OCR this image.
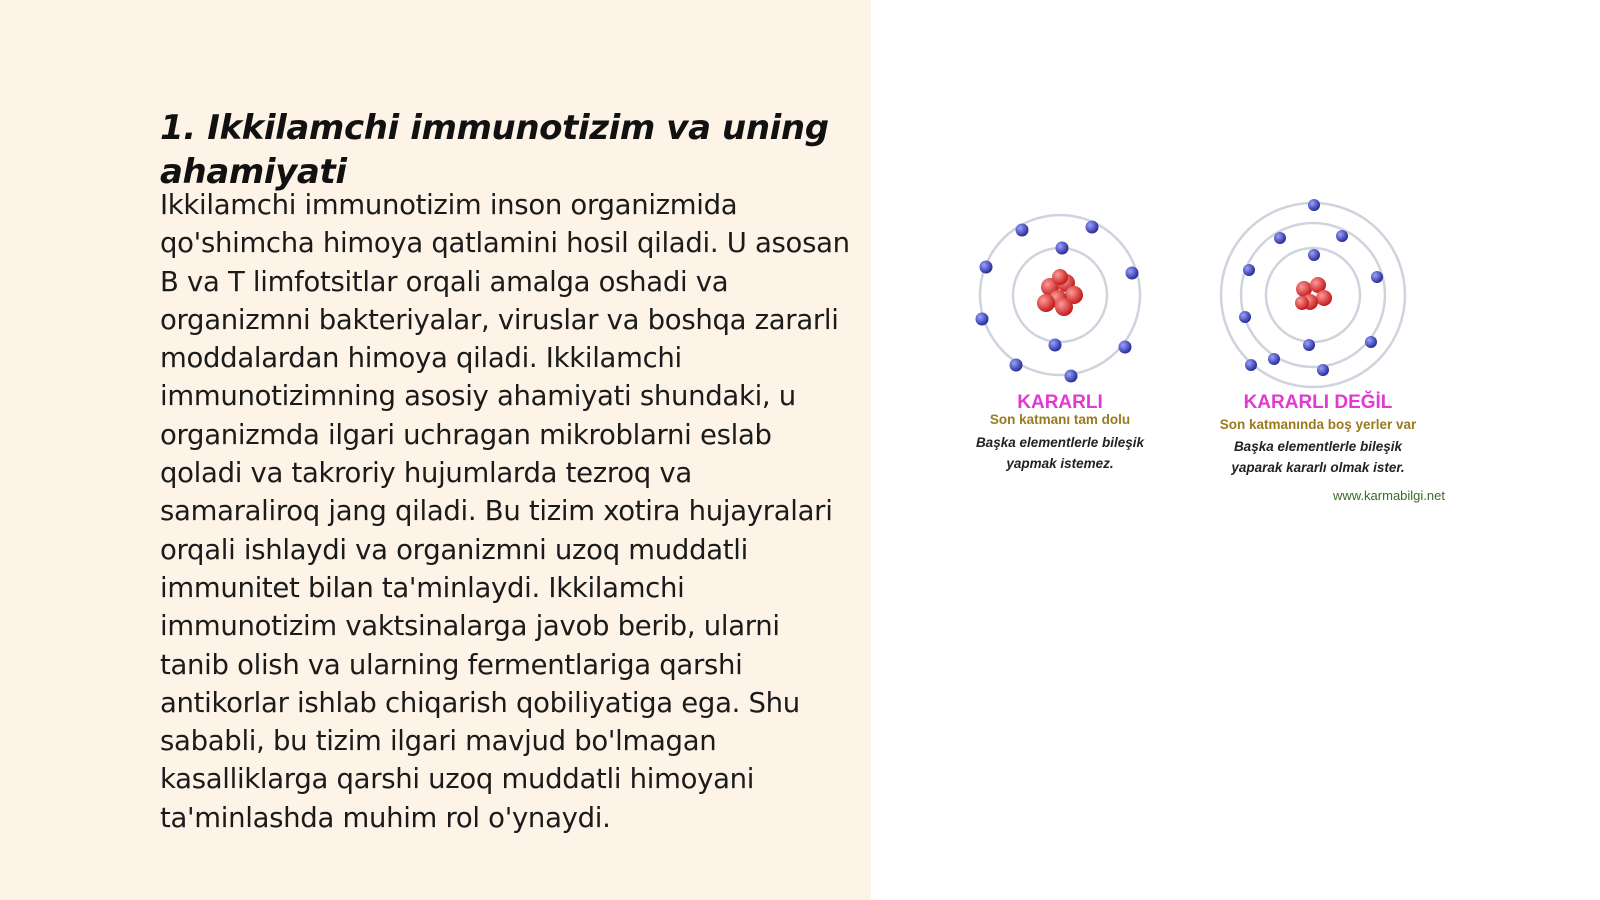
1. Ikkilamchi immunotizim va uning ahamiyati

Ikkilamchi immunotizim inson organizmida qo'shimcha himoya qatlamini hosil qiladi. U asosan B va T limfotsitlar orqali amalga oshadi va organizmni bakteriyalar, viruslar va boshqa zararli moddalardan himoya qiladi. Ikkilamchi immunotizimning asosiy ahamiyati shundaki, u organizmda ilgari uchragan mikroblarni eslab qoladi va takroriy hujumlarda tezroq va samaraliroq jang qiladi. Bu tizim xotira hujayralari orqali ishlaydi va organizmni uzoq muddatli immunitet bilan ta'minlaydi. Ikkilamchi immunotizim vaktsinalarga javob berib, ularni tanib olish va ularning fermentlariga qarshi antikorlar ishlab chiqarish qobiliyatiga ega. Shu sababli, bu tizim ilgari mavjud bo'lmagan kasalliklarga qarshi uzoq muddatli himoyani ta'minlashda muhim rol o'ynaydi.

KARARLI
Son katmanı tam dolu
Başka elementlerle bileşik
yapmak istemez.
KARARLI DEĞİL
Son katmanında boş yerler var
Başka elementlerle bileşik
yaparak kararlı olmak ister.
www.karmabilgi.net
